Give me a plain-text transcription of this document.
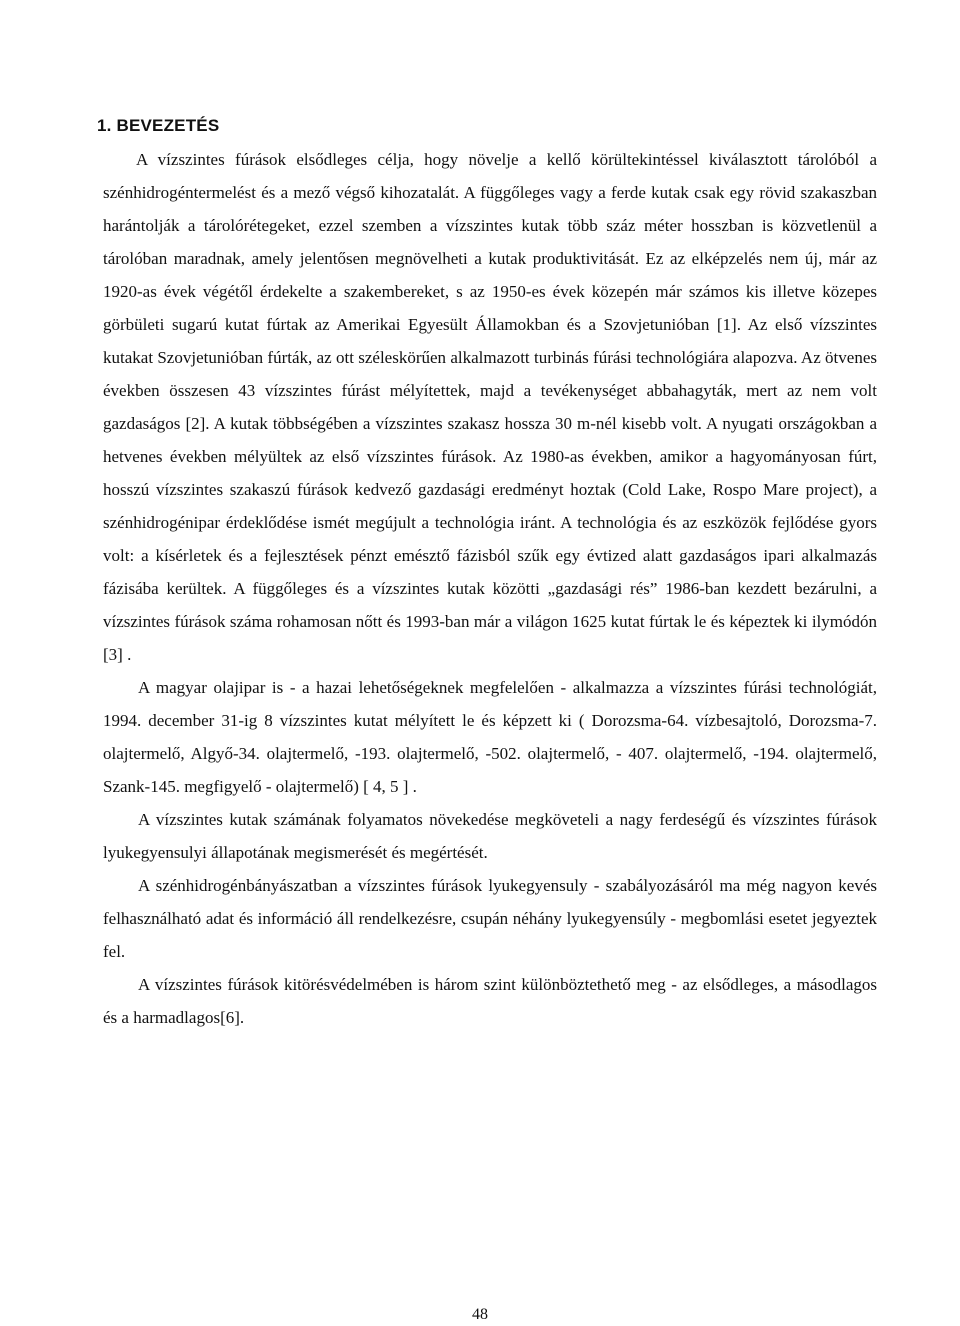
1. BEVEZETÉS

A vízszintes fúrások elsődleges célja, hogy növelje a kellő körültekintéssel kiválasztott tárolóból a szénhidrogéntermelést és a mező végső kihozatalát. A függőleges vagy a ferde kutak csak egy rövid szakaszban harántolják a tárolórétegeket, ezzel szemben a vízszintes kutak több száz méter hosszban is közvetlenül a tárolóban maradnak, amely jelentősen megnövelheti a kutak produktivitását. Ez az elképzelés nem új, már az 1920-as évek végétől érdekelte a szakembereket, s az 1950-es évek közepén már számos kis illetve közepes görbületi sugarú kutat fúrtak az Amerikai Egyesült Államokban és a Szovjetunióban [1]. Az első vízszintes kutakat Szovjetunióban fúrták, az ott széleskörűen alkalmazott turbinás fúrási technológiára alapozva. Az ötvenes években összesen 43 vízszintes fúrást mélyítettek, majd a tevékenységet abbahagyták, mert az nem volt gazdaságos [2]. A kutak többségében a vízszintes szakasz hossza 30 m-nél kisebb volt. A nyugati országokban a hetvenes években mélyültek az első vízszintes fúrások. Az 1980-as években, amikor a hagyományosan fúrt, hosszú vízszintes szakaszú fúrások kedvező gazdasági eredményt hoztak (Cold Lake, Rospo Mare project), a szénhidrogénipar érdeklődése ismét megújult a technológia iránt. A technológia és az eszközök fejlődése gyors volt: a kísérletek és a fejlesztések pénzt emésztő fázisból szűk egy évtized alatt gazdaságos ipari alkalmazás fázisába kerültek. A függőleges és a vízszintes kutak közötti „gazdasági rés” 1986-ban kezdett bezárulni, a vízszintes fúrások száma rohamosan nőtt és 1993-ban már a világon 1625 kutat fúrtak le és képeztek ki ilymódón [3] .

A magyar olajipar is - a hazai lehetőségeknek megfelelően - alkalmazza a vízszintes fúrási technológiát, 1994. december 31-ig 8 vízszintes kutat mélyített le és képzett ki ( Dorozsma-64. vízbesajtoló, Dorozsma-7. olajtermelő, Algyő-34. olajtermelő, -193. olajtermelő, -502. olajtermelő, - 407. olajtermelő, -194. olajtermelő, Szank-145. megfigyelő - olajtermelő) [ 4, 5 ] .

A vízszintes kutak számának folyamatos növekedése megköveteli a nagy ferdeségű és vízszintes fúrások lyukegyensulyi állapotának megismerését és megértését.

A szénhidrogénbányászatban a vízszintes fúrások lyukegyensuly - szabályozásáról ma még nagyon kevés felhasználható adat és információ áll rendelkezésre, csupán néhány lyukegyensúly - megbomlási esetet jegyeztek fel.

A vízszintes fúrások kitörésvédelmében is három szint különböztethető meg - az elsődleges, a másodlagos és a harmadlagos[6].

48
